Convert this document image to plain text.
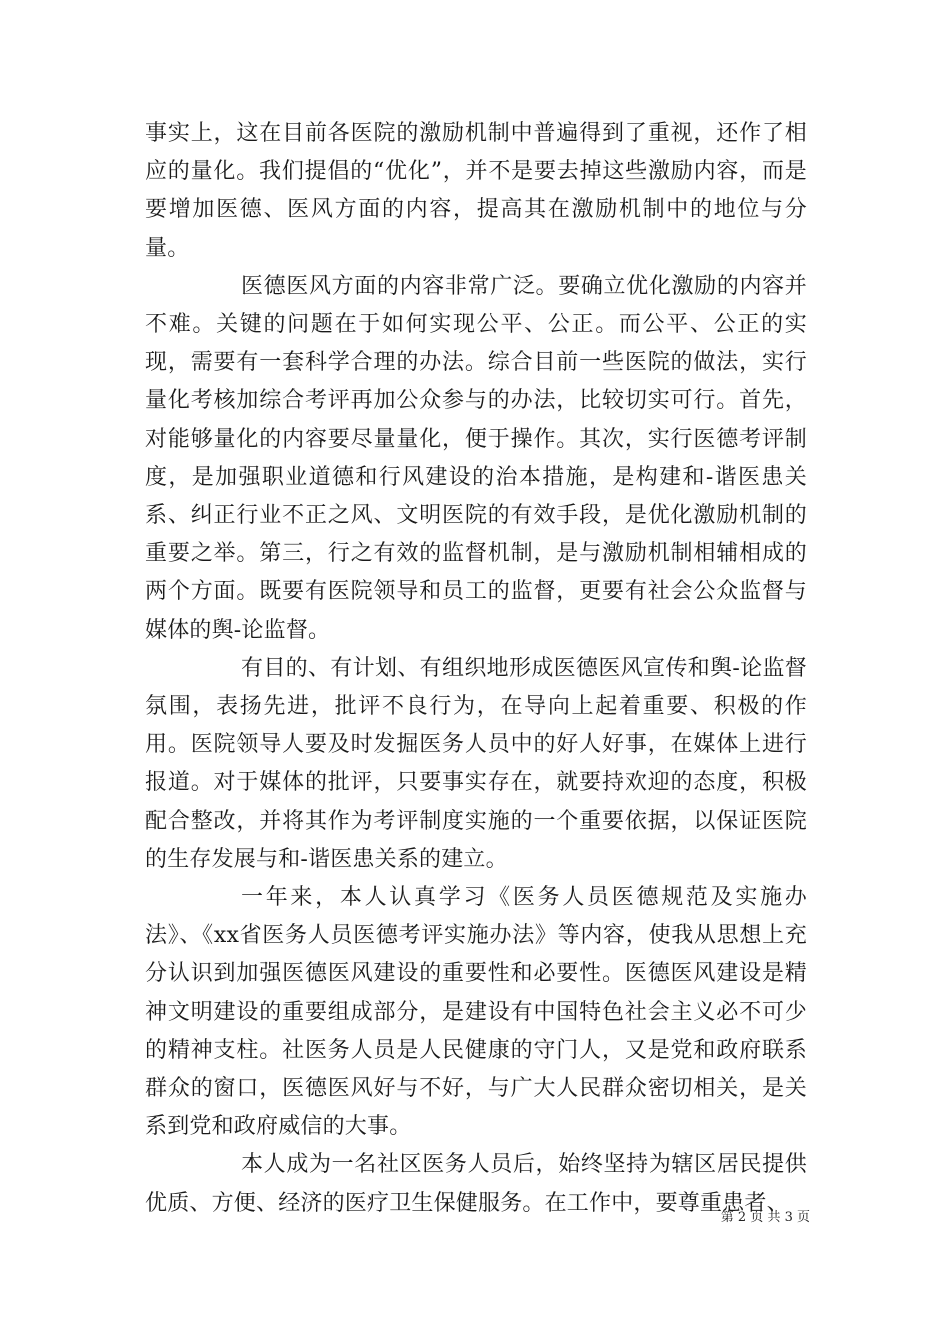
事实上，这在目前各医院的激励机制中普遍得到了重视，还作了相应的量化。我们提倡的“优化”，并不是要去掉这些激励内容，而是要增加医德、医风方面的内容，提高其在激励机制中的地位与分量。

医德医风方面的内容非常广泛。要确立优化激励的内容并不难。关键的问题在于如何实现公平、公正。而公平、公正的实现，需要有一套科学合理的办法。综合目前一些医院的做法，实行量化考核加综合考评再加公众参与的办法，比较切实可行。首先，对能够量化的内容要尽量量化，便于操作。其次，实行医德考评制度，是加强职业道德和行风建设的治本措施，是构建和-谐医患关系、纠正行业不正之风、文明医院的有效手段，是优化激励机制的重要之举。第三，行之有效的监督机制，是与激励机制相辅相成的两个方面。既要有医院领导和员工的监督，更要有社会公众监督与媒体的舆-论监督。

有目的、有计划、有组织地形成医德医风宣传和舆-论监督氛围，表扬先进，批评不良行为，在导向上起着重要、积极的作用。医院领导人要及时发掘医务人员中的好人好事，在媒体上进行报道。对于媒体的批评，只要事实存在，就要持欢迎的态度，积极配合整改，并将其作为考评制度实施的一个重要依据，以保证医院的生存发展与和-谐医患关系的建立。

一年来，本人认真学习《医务人员医德规范及实施办法》、《xx省医务人员医德考评实施办法》等内容，使我从思想上充分认识到加强医德医风建设的重要性和必要性。医德医风建设是精神文明建设的重要组成部分，是建设有中国特色社会主义必不可少的精神支柱。社医务人员是人民健康的守门人，又是党和政府联系群众的窗口，医德医风好与不好，与广大人民群众密切相关，是关系到党和政府威信的大事。

本人成为一名社区医务人员后，始终坚持为辖区居民提供优质、方便、经济的医疗卫生保健服务。在工作中，要尊重患者、

第 2 页 共 3 页
